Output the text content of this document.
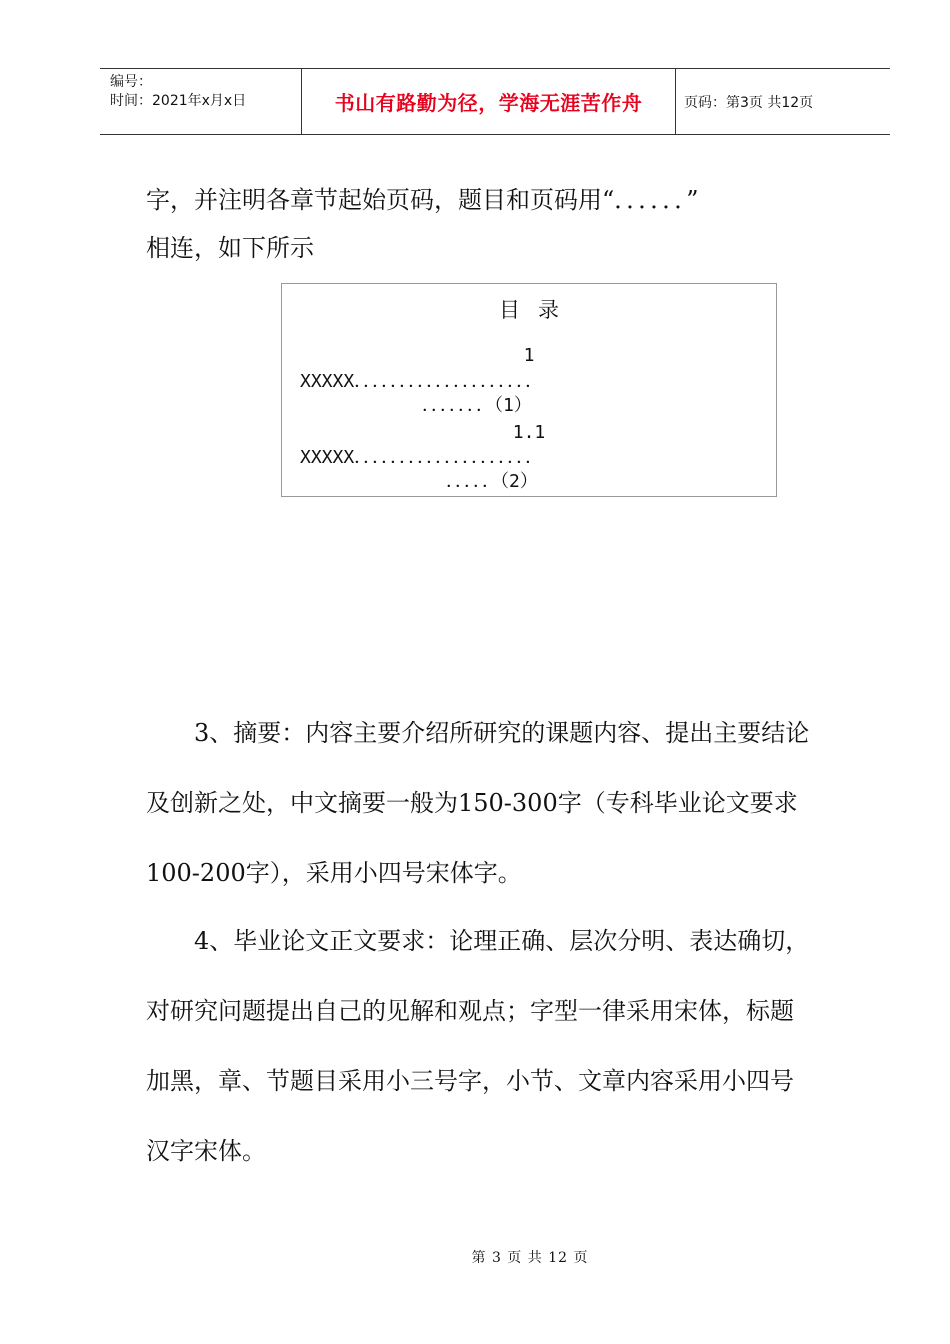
编号：
时间：2021年x月x日	书山有路勤为径，学海无涯苦作舟	页码：第3页 共12页
字，并注明各章节起始页码，题目和页码用“．．．．．．”
相连，如下所示
目录
1
XXXXX．．．．．．．．．．．．．．．．．．．．
．．．．．．．（1）
1.1
XXXXX．．．．．．．．．．．．．．．．．．．．
．．．．．（2）
3、摘要：内容主要介绍所研究的课题内容、提出主要结论
及创新之处，中文摘要一般为150-300字（专科毕业论文要求
100-200字），采用小四号宋体字。
4、毕业论文正文要求：论理正确、层次分明、表达确切，
对研究问题提出自己的见解和观点；字型一律采用宋体，标题
加黑，章、节题目采用小三号字，小节、文章内容采用小四号
汉字宋体。
第 3 页 共 12 页
